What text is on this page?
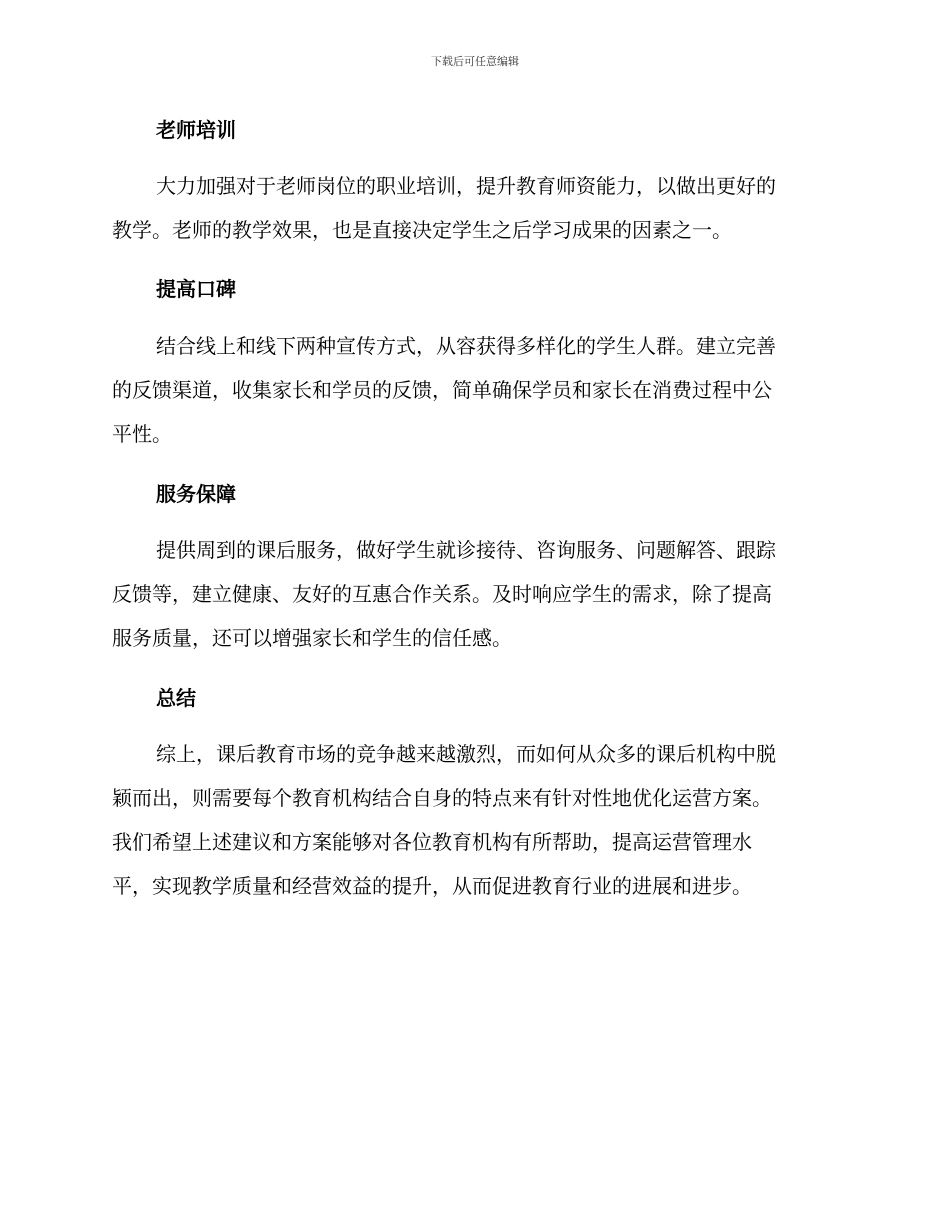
下载后可任意编辑
老师培训
大力加强对于老师岗位的职业培训，提升教育师资能力，以做出更好的
教学。老师的教学效果，也是直接决定学生之后学习成果的因素之一。
提高口碑
结合线上和线下两种宣传方式，从容获得多样化的学生人群。建立完善
的反馈渠道，收集家长和学员的反馈，简单确保学员和家长在消费过程中公
平性。
服务保障
提供周到的课后服务，做好学生就诊接待、咨询服务、问题解答、跟踪
反馈等，建立健康、友好的互惠合作关系。及时响应学生的需求，除了提高
服务质量，还可以增强家长和学生的信任感。
总结
综上，课后教育市场的竞争越来越激烈，而如何从众多的课后机构中脱
颖而出，则需要每个教育机构结合自身的特点来有针对性地优化运营方案。
我们希望上述建议和方案能够对各位教育机构有所帮助，提高运营管理水
平，实现教学质量和经营效益的提升，从而促进教育行业的进展和进步。
